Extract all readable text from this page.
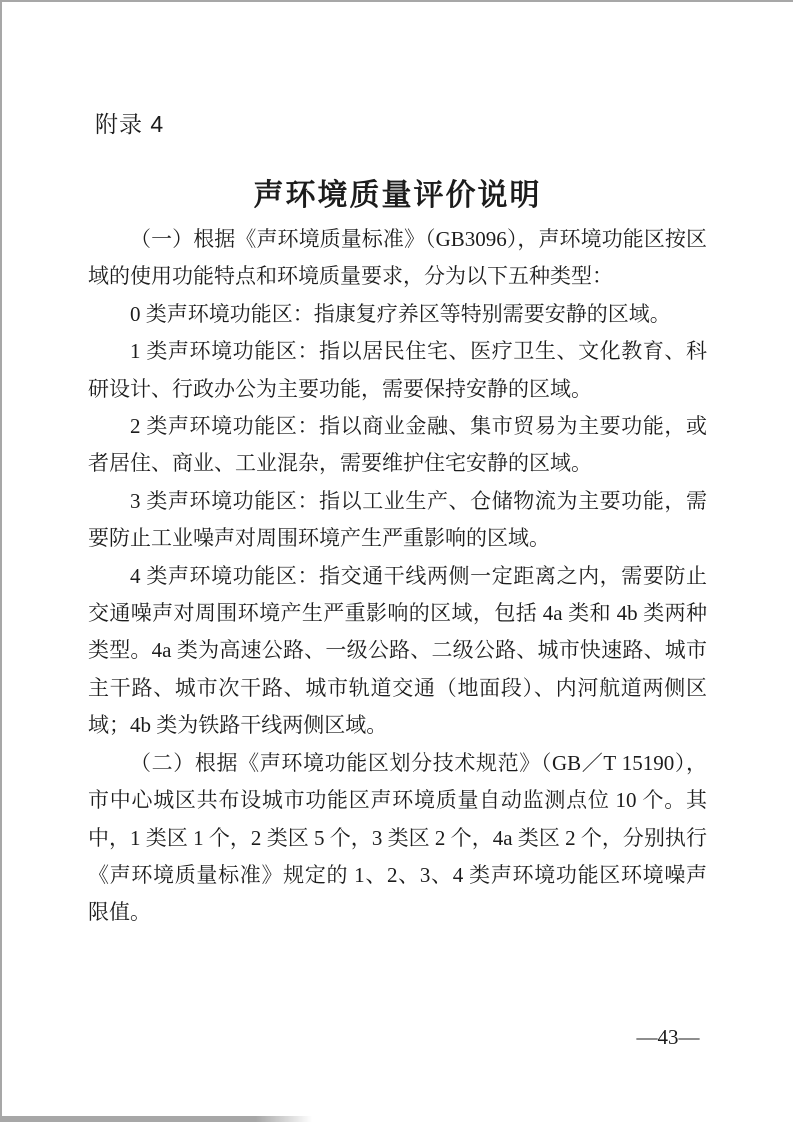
附录 4
声环境质量评价说明

（一）根据《声环境质量标准》（GB3096），声环境功能区按区域的使用功能特点和环境质量要求，分为以下五种类型：

0 类声环境功能区：指康复疗养区等特别需要安静的区域。

1 类声环境功能区：指以居民住宅、医疗卫生、文化教育、科研设计、行政办公为主要功能，需要保持安静的区域。

2 类声环境功能区：指以商业金融、集市贸易为主要功能，或者居住、商业、工业混杂，需要维护住宅安静的区域。

3 类声环境功能区：指以工业生产、仓储物流为主要功能，需要防止工业噪声对周围环境产生严重影响的区域。

4 类声环境功能区：指交通干线两侧一定距离之内，需要防止交通噪声对周围环境产生严重影响的区域，包括 4a 类和 4b 类两种类型。4a 类为高速公路、一级公路、二级公路、城市快速路、城市主干路、城市次干路、城市轨道交通（地面段）、内河航道两侧区域；4b 类为铁路干线两侧区域。

（二）根据《声环境功能区划分技术规范》（GB／T 15190），市中心城区共布设城市功能区声环境质量自动监测点位 10 个。其中，1 类区 1 个，2 类区 5 个，3 类区 2 个，4a 类区 2 个，分别执行《声环境质量标准》规定的 1、2、3、4 类声环境功能区环境噪声限值。

—43—
